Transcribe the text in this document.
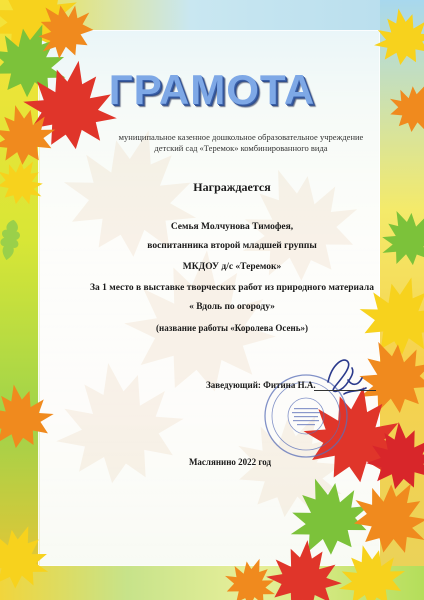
ГРАМОТА
муниципальное казенное дошкольное образовательное учреждение
детский сад «Теремок» комбинированного вида
Награждается
Семья Молчунова Тимофея,
воспитанника второй младшей группы
МКДОУ д/с «Теремок»
За 1 место в выставке творческих работ из природного материала
« Вдоль по огороду»
(название работы «Королева Осень»)
Заведующий: Фитина Н.А.
Маслянино 2022 год
